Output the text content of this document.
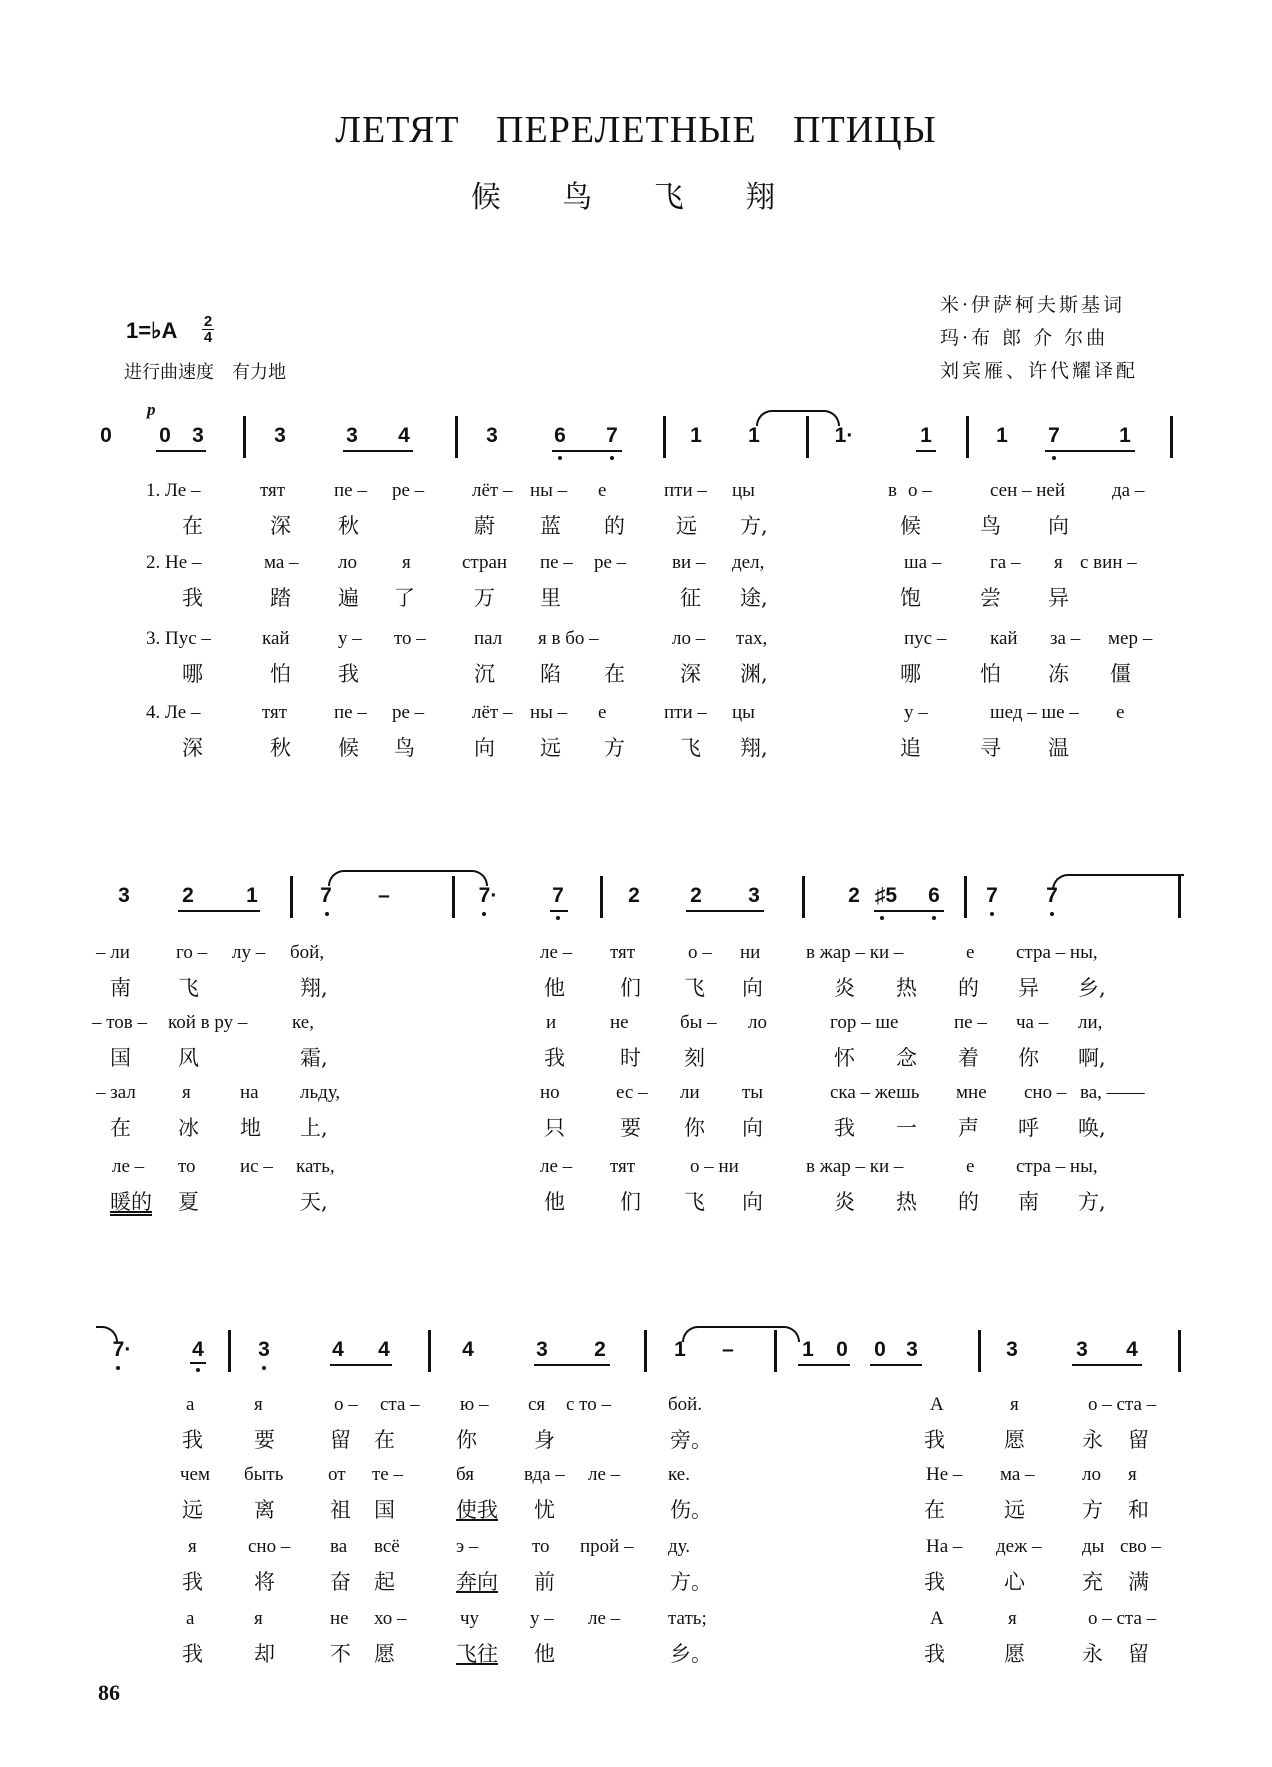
ЛЕТЯТ ПЕРЕЛЕТНЫЕ ПТИЦЫ
候 鸟 飞 翔
米·伊萨柯夫斯基词
玛·布 郎 介 尔曲
刘宾雁、许代耀译配
1=♭A 2
4
进行曲速度　有力地
p
0 0 3	3	3 4	3	6 7	1 1	1·	1	1 7	1
1. Ле –	тят	пе – ре –	лёт – ны – е	пти – цы	в о –	сен – ней да –
在	深 秋	蔚 蓝 的 远 方,	候	鸟 向
2. Не –	ма – ло я	стран пе – ре – ви – дел,	ша –	га – я с вин –
我	踏 遍 了	万 里	征 途,	饱	尝 异
3. Пус –	кай	у – то –	пал я в бо –	ло – тах,	пус – кай за – мер –
哪	怕 我	沉 陷 在	深 渊,	哪	怕 冻 僵
4. Ле –	тят пе – ре –	лёт – ны – е	пти – цы	у –	шед – ше – е
深	秋 候 鸟	向 远 方	飞 翔,	追	寻 温
3 2 1	7 –	7·	7	2 2 3	2 ♯5	6 7 7
– ли го – лу – бой,	ле – тят	о – ни в жар – ки –	е стра – ны,
南 飞	翔,	他	们 飞 向	炎 热 的 异 乡,
– тов – кой в ру – ке,	и	не	бы – ло	гор – ше	пе – ча – ли,
国 风	霜,	我	时 刻	怀 念 着 你 啊,
– зал я	на льду,	но	ес – ли ты	ска – жешь мне сно – ва, ——
在 冰 地 上,	只	要 你 向	我 一 声 呼 唤,
ле – то ис – кать,	ле – тят	о – ни	в жар – ки –	е стра – ны,
暖的 夏	天,	他	们 飞 向	炎 热 的 南 方,
7·	4	3	4 4	4	3 2	1 –	1 0 0 3	3	3 4
а	я	о – ста – ю – ся с то –	бой.	А	я	о – ста –
我 要	留 在	你	身	旁。	我	愿	永 留
чем быть от те –	бя	вда – ле –	ке.	Не – ма – ло я
远 离	祖 国	使我 忧	伤。	在	远	方 和
я	сно – ва всё	э –	то прой – ду.	На – деж – ды сво –
我 将	奋 起	奔向 前	方。	我	心	充 满
а	я	не хо –	чу	у – ле –	тать;	А	я	о – ста –
我 却	不 愿	飞往 他	乡。	我	愿	永 留
86
